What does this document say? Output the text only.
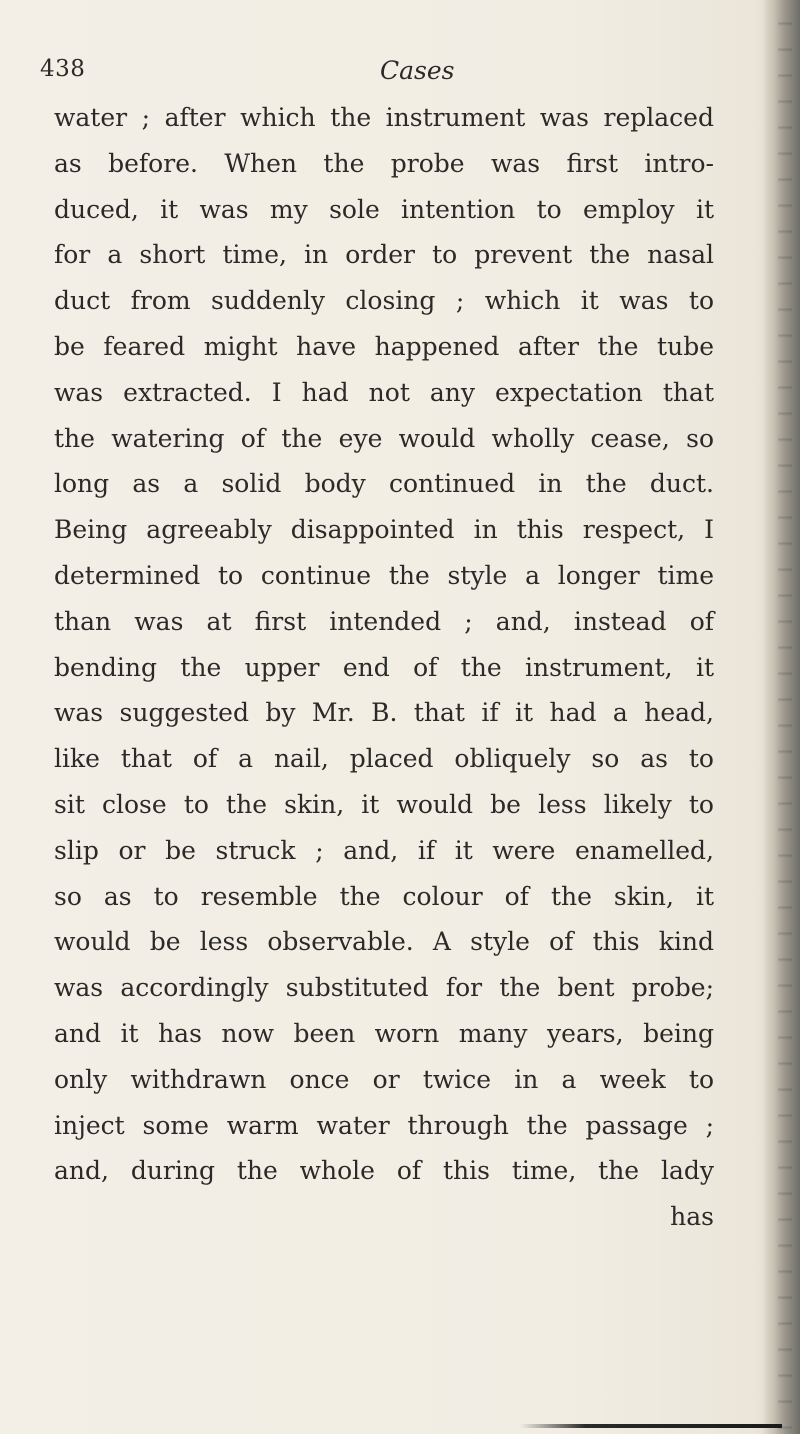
438	Cases
water ; after which the instrument was replaced
as before. When the probe was first intro-
duced, it was my sole intention to employ it
for a short time, in order to prevent the nasal
duct from suddenly closing ; which it was to
be feared might have happened after the tube
was extracted. I had not any expectation that
the watering of the eye would wholly cease, so
long as a solid body continued in the duct.
Being agreeably disappointed in this respect, I
determined to continue the style a longer time
than was at first intended ; and, instead of
bending the upper end of the instrument, it
was suggested by Mr. B. that if it had a head,
like that of a nail, placed obliquely so as to
sit close to the skin, it would be less likely to
slip or be struck ; and, if it were enamelled,
so as to resemble the colour of the skin, it
would be less observable. A style of this kind
was accordingly substituted for the bent probe;
and it has now been worn many years, being
only withdrawn once or twice in a week to
inject some warm water through the passage ;
and, during the whole of this time, the lady
has
